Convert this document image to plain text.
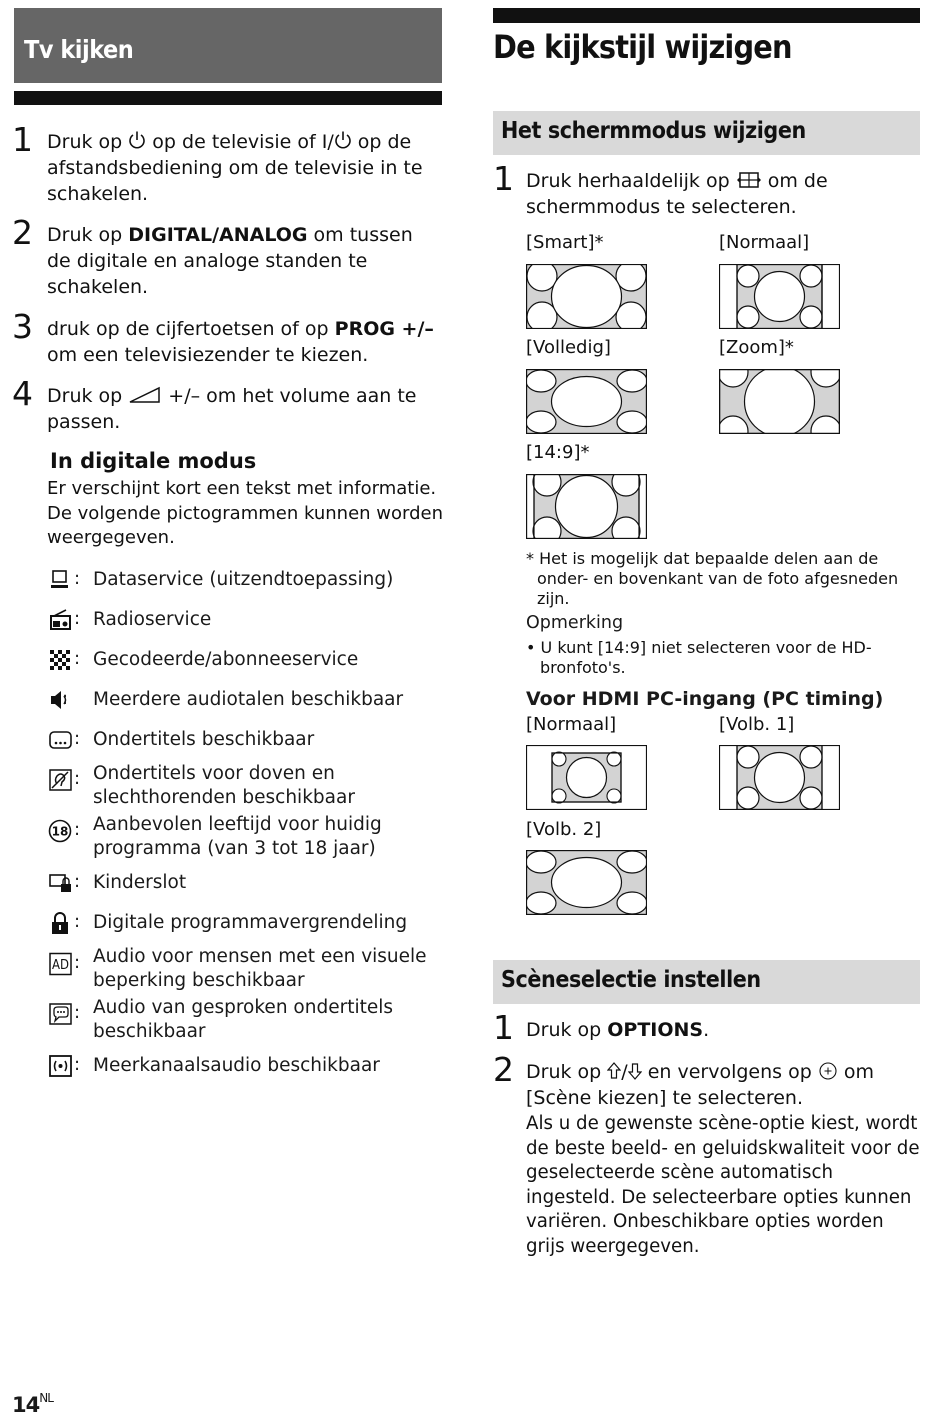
Tv kijken	De kijkstijl wijzigen
1 Druk op  op de televisie of I/ op de afstandsbediening om de televisie in te schakelen.
2 Druk op DIGITAL/ANALOG om tussen de digitale en analoge standen te schakelen.
3 druk op de cijfertoetsen of op PROG +/– om een televisiezender te kiezen.
4 Druk op  +/– om het volume aan te passen.
In digitale modus
Er verschijnt kort een tekst met informatie. De volgende pictogrammen kunnen worden weergegeven.
: Dataservice (uitzendtoepassing)
: Radioservice
: Gecodeerde/abonneeservice
: Meerdere audiotalen beschikbaar
: Ondertitels beschikbaar
: Ondertitels voor doven en slechthorenden beschikbaar
18 : Aanbevolen leeftijd voor huidig programma (van 3 tot 18 jaar)
: Kinderslot
: Digitale programmavergrendeling
AD : Audio voor mensen met een visuele beperking beschikbaar
: Audio van gesproken ondertitels beschikbaar
: Meerkanaalsaudio beschikbaar
Het schermmodus wijzigen
1 Druk herhaaldelijk op  om de schermmodus te selecteren.
[Smart]*	[Normaal]
[Volledig]	[Zoom]*
[14:9]*
* Het is mogelijk dat bepaalde delen aan de onder- en bovenkant van de foto afgesneden zijn.
Opmerking
• U kunt [14:9] niet selecteren voor de HD-bronfoto's.
Voor HDMI PC-ingang (PC timing)
[Normaal]	[Volb. 1]
[Volb. 2]
Scèneselectie instellen
1 Druk op OPTIONS.
2 Druk op / en vervolgens op  om
[Scène kiezen] te selecteren.
Als u de gewenste scène-optie kiest, wordt de beste beeld- en geluidskwaliteit voor de geselecteerde scène automatisch ingesteld. De selecteerbare opties kunnen variëren. Onbeschikbare opties worden grijs weergegeven.
$14^{NL}$
